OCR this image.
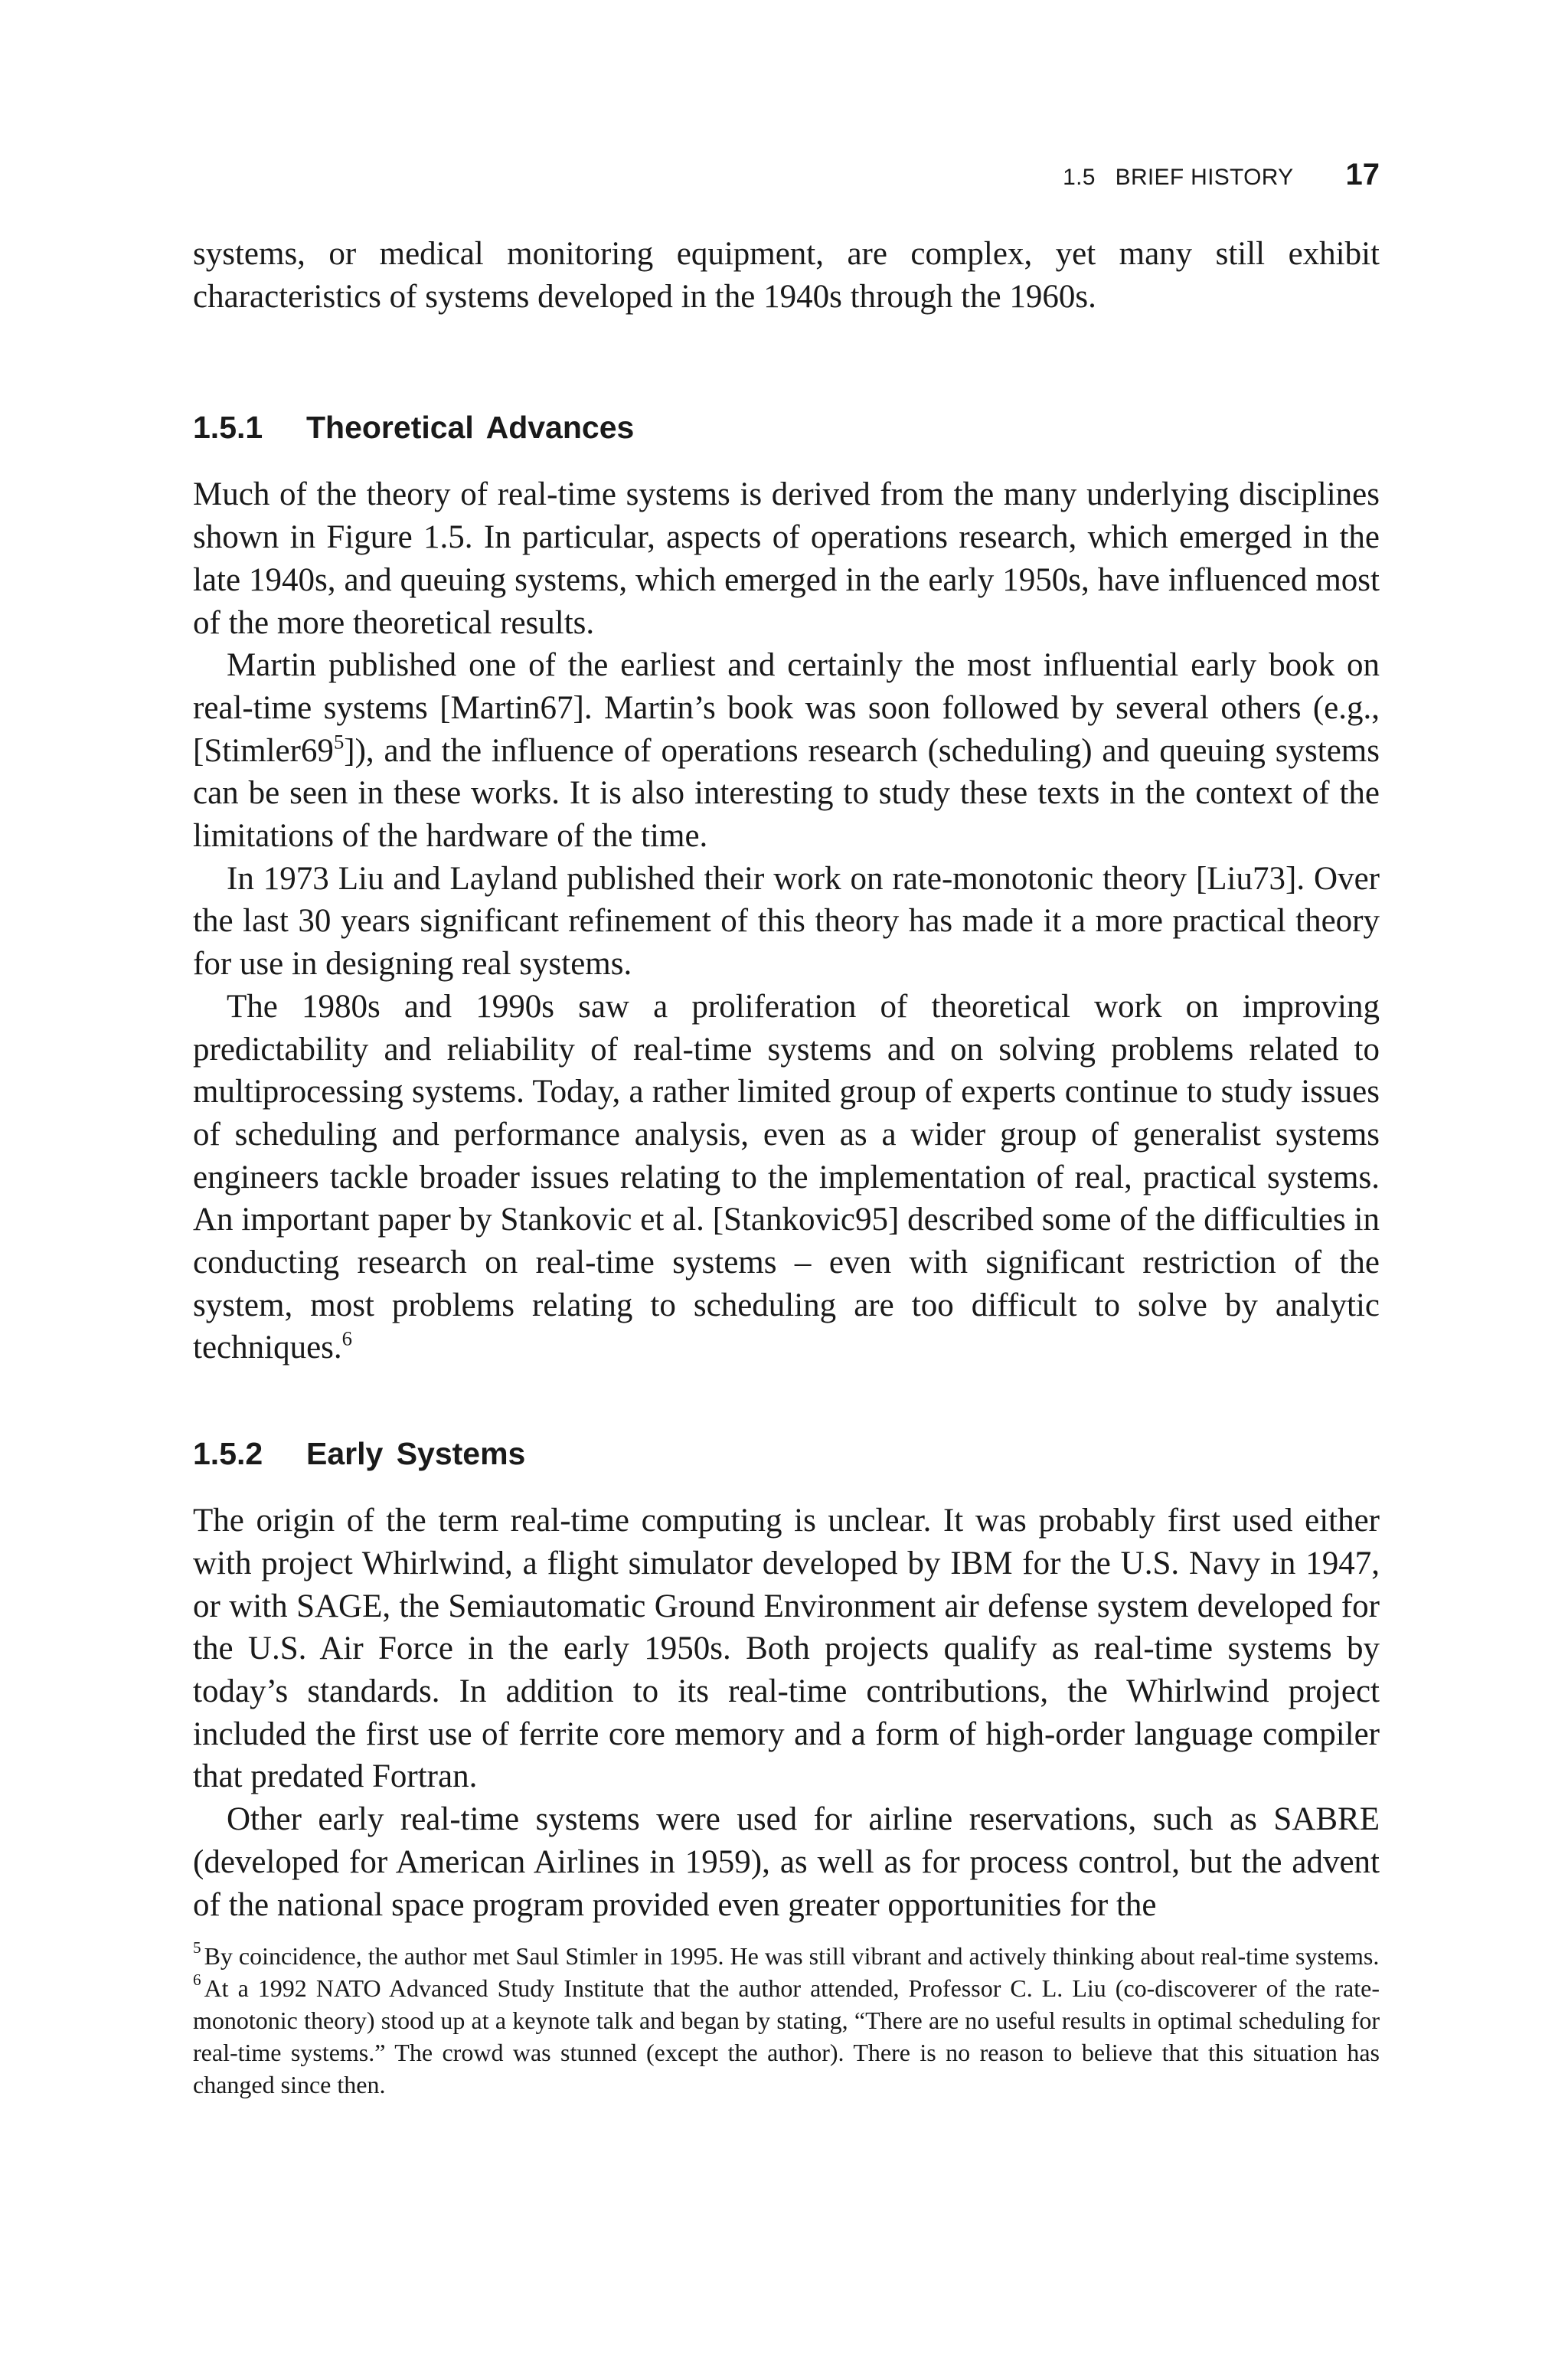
1.5   BRIEF HISTORY 17

systems, or medical monitoring equipment, are complex, yet many still exhibit characteristics of systems developed in the 1940s through the 1960s.

1.5.1 Theoretical Advances

Much of the theory of real-time systems is derived from the many underlying disciplines shown in Figure 1.5. In particular, aspects of operations research, which emerged in the late 1940s, and queuing systems, which emerged in the early 1950s, have influenced most of the more theoretical results.

Martin published one of the earliest and certainly the most influential early book on real-time systems [Martin67]. Martin’s book was soon followed by several others (e.g., $[Stimler69^5]$), and the influence of operations research (scheduling) and queuing systems can be seen in these works. It is also interesting to study these texts in the context of the limitations of the hardware of the time.

In 1973 Liu and Layland published their work on rate-monotonic theory [Liu73]. Over the last 30 years significant refinement of this theory has made it a more practical theory for use in designing real systems.

The 1980s and 1990s saw a proliferation of theoretical work on improving predictability and reliability of real-time systems and on solving problems related to multiprocessing systems. Today, a rather limited group of experts continue to study issues of scheduling and performance analysis, even as a wider group of generalist systems engineers tackle broader issues relating to the implementation of real, practical systems. An important paper by Stankovic et al. [Stankovic95] described some of the difficulties in conducting research on real-time systems – even with significant restriction of the system, most problems relating to scheduling are too difficult to solve by analytic techniques.$^6$

1.5.2 Early Systems

The origin of the term real-time computing is unclear. It was probably first used either with project Whirlwind, a flight simulator developed by IBM for the U.S. Navy in 1947, or with SAGE, the Semiautomatic Ground Environment air defense system developed for the U.S. Air Force in the early 1950s. Both projects qualify as real-time systems by today’s standards. In addition to its real-time contributions, the Whirlwind project included the first use of ferrite core memory and a form of high-order language compiler that predated Fortran.

Other early real-time systems were used for airline reservations, such as SABRE (developed for American Airlines in 1959), as well as for process control, but the advent of the national space program provided even greater opportunities for the

$^5$ By coincidence, the author met Saul Stimler in 1995. He was still vibrant and actively thinking about real-time systems.

$^6$ At a 1992 NATO Advanced Study Institute that the author attended, Professor C. L. Liu (co-discoverer of the rate-monotonic theory) stood up at a keynote talk and began by stating, “There are no useful results in optimal scheduling for real-time systems.” The crowd was stunned (except the author). There is no reason to believe that this situation has changed since then.
